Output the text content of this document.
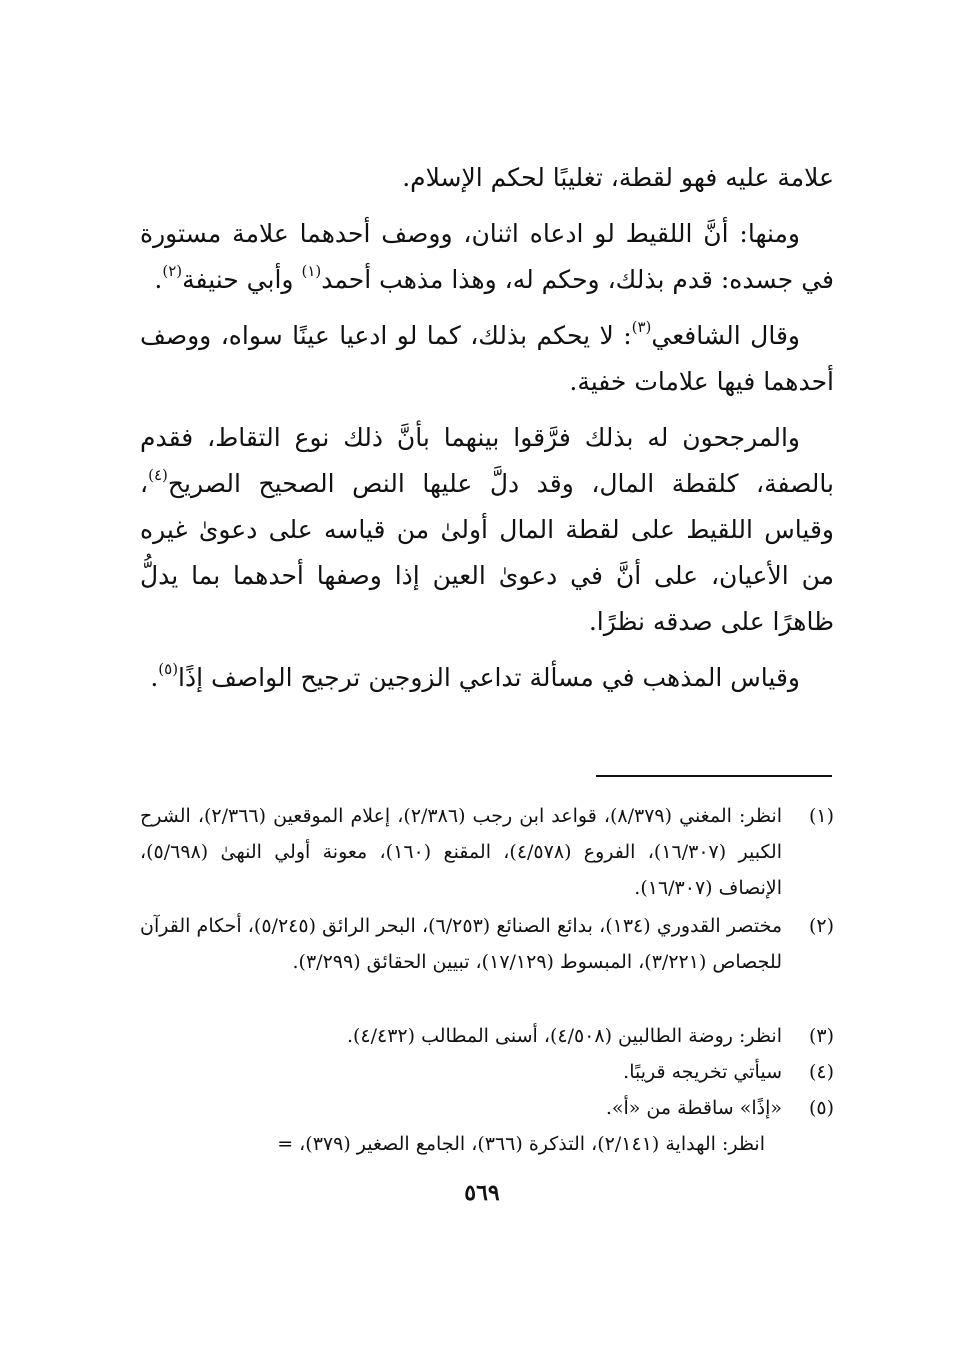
علامة عليه فهو لقطة، تغليبًا لحكم الإسلام.

ومنها: أنَّ اللقيط لو ادعاه اثنان، ووصف أحدهما علامة مستورة في جسده: قدم بذلك، وحكم له، وهذا مذهب أحمد$^{(١)}$ وأبي حنيفة$^{(٢)}$.

وقال الشافعي$^{(٣)}$: لا يحكم بذلك، كما لو ادعيا عينًا سواه، ووصف أحدهما فيها علامات خفية.

والمرجحون له بذلك فرَّقوا بينهما بأنَّ ذلك نوع التقاط، فقدم بالصفة، كلقطة المال، وقد دلَّ عليها النص الصحيح الصريح$^{(٤)}$، وقياس اللقيط على لقطة المال أولىٰ من قياسه على دعوىٰ غيره من الأعيان، على أنَّ في دعوىٰ العين إذا وصفها أحدهما بما يدلُّ ظاهرًا على صدقه نظرًا.

وقياس المذهب في مسألة تداعي الزوجين ترجيح الواصف إذًا$^{(٥)}$.

(١)
انظر: المغني (٨/٣٧٩)، قواعد ابن رجب (٢/٣٨٦)، إعلام الموقعين (٢/٣٦٦)، الشرح الكبير (١٦/٣٠٧)، الفروع (٤/٥٧٨)، المقنع (١٦٠)، معونة أولي النهىٰ (٥/٦٩٨)، الإنصاف (١٦/٣٠٧).
(٢)
مختصر القدوري (١٣٤)، بدائع الصنائع (٦/٢٥٣)، البحر الرائق (٥/٢٤٥)، أحكام القرآن للجصاص (٣/٢٢١)، المبسوط (١٧/١٢٩)، تبيين الحقائق (٣/٢٩٩).
(٣)
انظر: روضة الطالبين (٤/٥٠٨)، أسنى المطالب (٤/٤٣٢).
(٤)
سيأتي تخريجه قريبًا.
(٥)
«إذًا» ساقطة من «أ».
انظر: الهداية (٢/١٤١)، التذكرة (٣٦٦)، الجامع الصغير (٣٧٩)، =
٥٦٩
